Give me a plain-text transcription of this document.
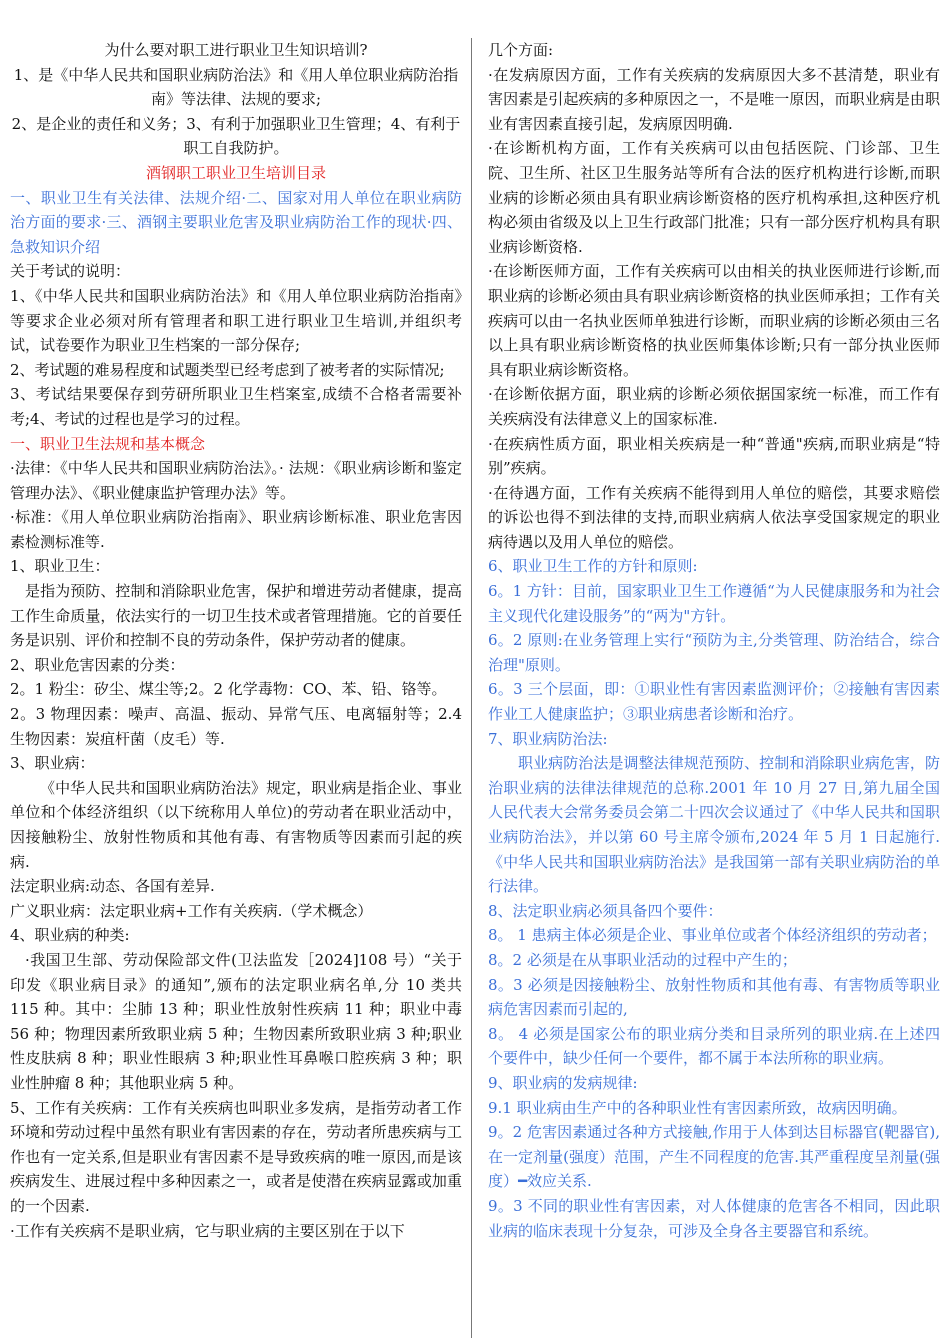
为什么要对职工进行职业卫生知识培训?

1、是《中华人民共和国职业病防治法》和《用人单位职业病防治指南》等法律、法规的要求;

2、是企业的责任和义务；3、有利于加强职业卫生管理；4、有利于职工自我防护。

酒钢职工职业卫生培训目录

一、职业卫生有关法律、法规介绍·二、国家对用人单位在职业病防治方面的要求·三、酒钢主要职业危害及职业病防治工作的现状·四、急救知识介绍

关于考试的说明：

1、《中华人民共和国职业病防治法》和《用人单位职业病防治指南》等要求企业必须对所有管理者和职工进行职业卫生培训,并组织考试，试卷要作为职业卫生档案的一部分保存;

2、考试题的难易程度和试题类型已经考虑到了被考者的实际情况;

3、考试结果要保存到劳研所职业卫生档案室,成绩不合格者需要补考;4、考试的过程也是学习的过程。

一、职业卫生法规和基本概念

·法律：《中华人民共和国职业病防治法》。· 法规：《职业病诊断和鉴定管理办法》、《职业健康监护管理办法》等。

·标准：《用人单位职业病防治指南》、职业病诊断标准、职业危害因素检测标准等.

1、职业卫生：

是指为预防、控制和消除职业危害，保护和增进劳动者健康，提高工作生命质量，依法实行的一切卫生技术或者管理措施。它的首要任务是识别、评价和控制不良的劳动条件，保护劳动者的健康。

2、职业危害因素的分类：

2。1 粉尘：矽尘、煤尘等;2。2 化学毒物：CO、苯、铅、铬等。

2。3 物理因素：噪声、高温、振动、异常气压、电离辐射等；2.4 生物因素：炭疽杆菌（皮毛）等.

3、职业病：

《中华人民共和国职业病防治法》规定，职业病是指企业、事业单位和个体经济组织（以下统称用人单位)的劳动者在职业活动中，因接触粉尘、放射性物质和其他有毒、有害物质等因素而引起的疾病.

法定职业病:动态、各国有差异.

广义职业病：法定职业病+工作有关疾病.（学术概念）

4、职业病的种类:

·我国卫生部、劳动保险部文件(卫法监发［2024]108 号）“关于印发《职业病目录》的通知”,颁布的法定职业病名单,分 10 类共 115 种。其中：尘肺 13 种；职业性放射性疾病 11 种；职业中毒 56 种；物理因素所致职业病 5 种；生物因素所致职业病 3 种;职业性皮肤病 8 种；职业性眼病 3 种;职业性耳鼻喉口腔疾病 3 种；职业性肿瘤 8 种；其他职业病 5 种。

5、工作有关疾病：工作有关疾病也叫职业多发病，是指劳动者工作环境和劳动过程中虽然有职业有害因素的存在，劳动者所患疾病与工作也有一定关系,但是职业有害因素不是导致疾病的唯一原因,而是该疾病发生、进展过程中多种因素之一，或者是使潜在疾病显露或加重的一个因素.

·工作有关疾病不是职业病，它与职业病的主要区别在于以下

几个方面:

·在发病原因方面，工作有关疾病的发病原因大多不甚清楚，职业有害因素是引起疾病的多种原因之一，不是唯一原因，而职业病是由职业有害因素直接引起，发病原因明确.

·在诊断机构方面，工作有关疾病可以由包括医院、门诊部、卫生院、卫生所、社区卫生服务站等所有合法的医疗机构进行诊断,而职业病的诊断必须由具有职业病诊断资格的医疗机构承担,这种医疗机构必须由省级及以上卫生行政部门批准；只有一部分医疗机构具有职业病诊断资格.

·在诊断医师方面，工作有关疾病可以由相关的执业医师进行诊断,而职业病的诊断必须由具有职业病诊断资格的执业医师承担；工作有关疾病可以由一名执业医师单独进行诊断，而职业病的诊断必须由三名以上具有职业病诊断资格的执业医师集体诊断;只有一部分执业医师具有职业病诊断资格。

·在诊断依据方面，职业病的诊断必须依据国家统一标准，而工作有关疾病没有法律意义上的国家标准.

·在疾病性质方面，职业相关疾病是一种“普通"疾病,而职业病是“特别”疾病。

·在待遇方面，工作有关疾病不能得到用人单位的赔偿，其要求赔偿的诉讼也得不到法律的支持,而职业病病人依法享受国家规定的职业病待遇以及用人单位的赔偿。

6、职业卫生工作的方针和原则:

6。1 方针：目前，国家职业卫生工作遵循“为人民健康服务和为社会主义现代化建设服务”的“两为"方针。

6。2 原则:在业务管理上实行“预防为主,分类管理、防治结合，综合治理"原则。

6。3 三个层面，即：①职业性有害因素监测评价；②接触有害因素作业工人健康监护；③职业病患者诊断和治疗。

7、职业病防治法:

职业病防治法是调整法律规范预防、控制和消除职业病危害，防治职业病的法律法律规范的总称.2001 年 10 月 27 日,第九届全国人民代表大会常务委员会第二十四次会议通过了《中华人民共和国职业病防治法》，并以第 60 号主席令颁布,2024 年 5 月 1 日起施行.《中华人民共和国职业病防治法》是我国第一部有关职业病防治的单行法律。

8、法定职业病必须具备四个要件：

8。 1 患病主体必须是企业、事业单位或者个体经济组织的劳动者；

8。2 必须是在从事职业活动的过程中产生的；

8。3 必须是因接触粉尘、放射性物质和其他有毒、有害物质等职业病危害因素而引起的,

8。 4 必须是国家公布的职业病分类和目录所列的职业病.在上述四个要件中，缺少任何一个要件，都不属于本法所称的职业病。

9、职业病的发病规律:

9.1 职业病由生产中的各种职业性有害因素所致，故病因明确。

9。2 危害因素通过各种方式接触,作用于人体到达目标器官(靶器官),在一定剂量(强度）范围，产生不同程度的危害.其严重程度呈剂量(强度）━效应关系.

9。3 不同的职业性有害因素，对人体健康的危害各不相同，因此职业病的临床表现十分复杂，可涉及全身各主要器官和系统。
